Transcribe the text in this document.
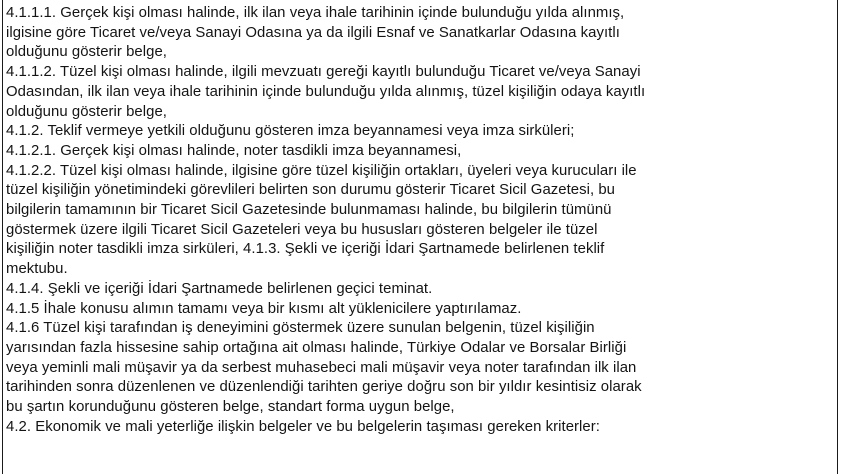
4.1.1.1. Gerçek kişi olması halinde, ilk ilan veya ihale tarihinin içinde bulunduğu yılda alınmış,
ilgisine göre Ticaret ve/veya Sanayi Odasına ya da ilgili Esnaf ve Sanatkarlar Odasına kayıtlı
olduğunu gösterir belge,
4.1.1.2. Tüzel kişi olması halinde, ilgili mevzuatı gereği kayıtlı bulunduğu Ticaret ve/veya Sanayi
Odasından, ilk ilan veya ihale tarihinin içinde bulunduğu yılda alınmış, tüzel kişiliğin odaya kayıtlı
olduğunu gösterir belge,
4.1.2. Teklif vermeye yetkili olduğunu gösteren imza beyannamesi veya imza sirküleri;
4.1.2.1. Gerçek kişi olması halinde, noter tasdikli imza beyannamesi,
4.1.2.2. Tüzel kişi olması halinde, ilgisine göre tüzel kişiliğin ortakları, üyeleri veya kurucuları ile
tüzel kişiliğin yönetimindeki görevlileri belirten son durumu gösterir Ticaret Sicil Gazetesi, bu
bilgilerin tamamının bir Ticaret Sicil Gazetesinde bulunmaması halinde, bu bilgilerin tümünü
göstermek üzere ilgili Ticaret Sicil Gazeteleri veya bu hususları gösteren belgeler ile tüzel
kişiliğin noter tasdikli imza sirküleri, 4.1.3. Şekli ve içeriği İdari Şartnamede belirlenen teklif
mektubu.
4.1.4. Şekli ve içeriği İdari Şartnamede belirlenen geçici teminat.
4.1.5 İhale konusu alımın tamamı veya bir kısmı alt yüklenicilere yaptırılamaz.
4.1.6 Tüzel kişi tarafından iş deneyimini göstermek üzere sunulan belgenin, tüzel kişiliğin
yarısından fazla hissesine sahip ortağına ait olması halinde, Türkiye Odalar ve Borsalar Birliği
veya yeminli mali müşavir ya da serbest muhasebeci mali müşavir veya noter tarafından ilk ilan
tarihinden sonra düzenlenen ve düzenlendiği tarihten geriye doğru son bir yıldır kesintisiz olarak
bu şartın korunduğunu gösteren belge, standart forma uygun belge,
4.2. Ekonomik ve mali yeterliğe ilişkin belgeler ve bu belgelerin taşıması gereken kriterler:
